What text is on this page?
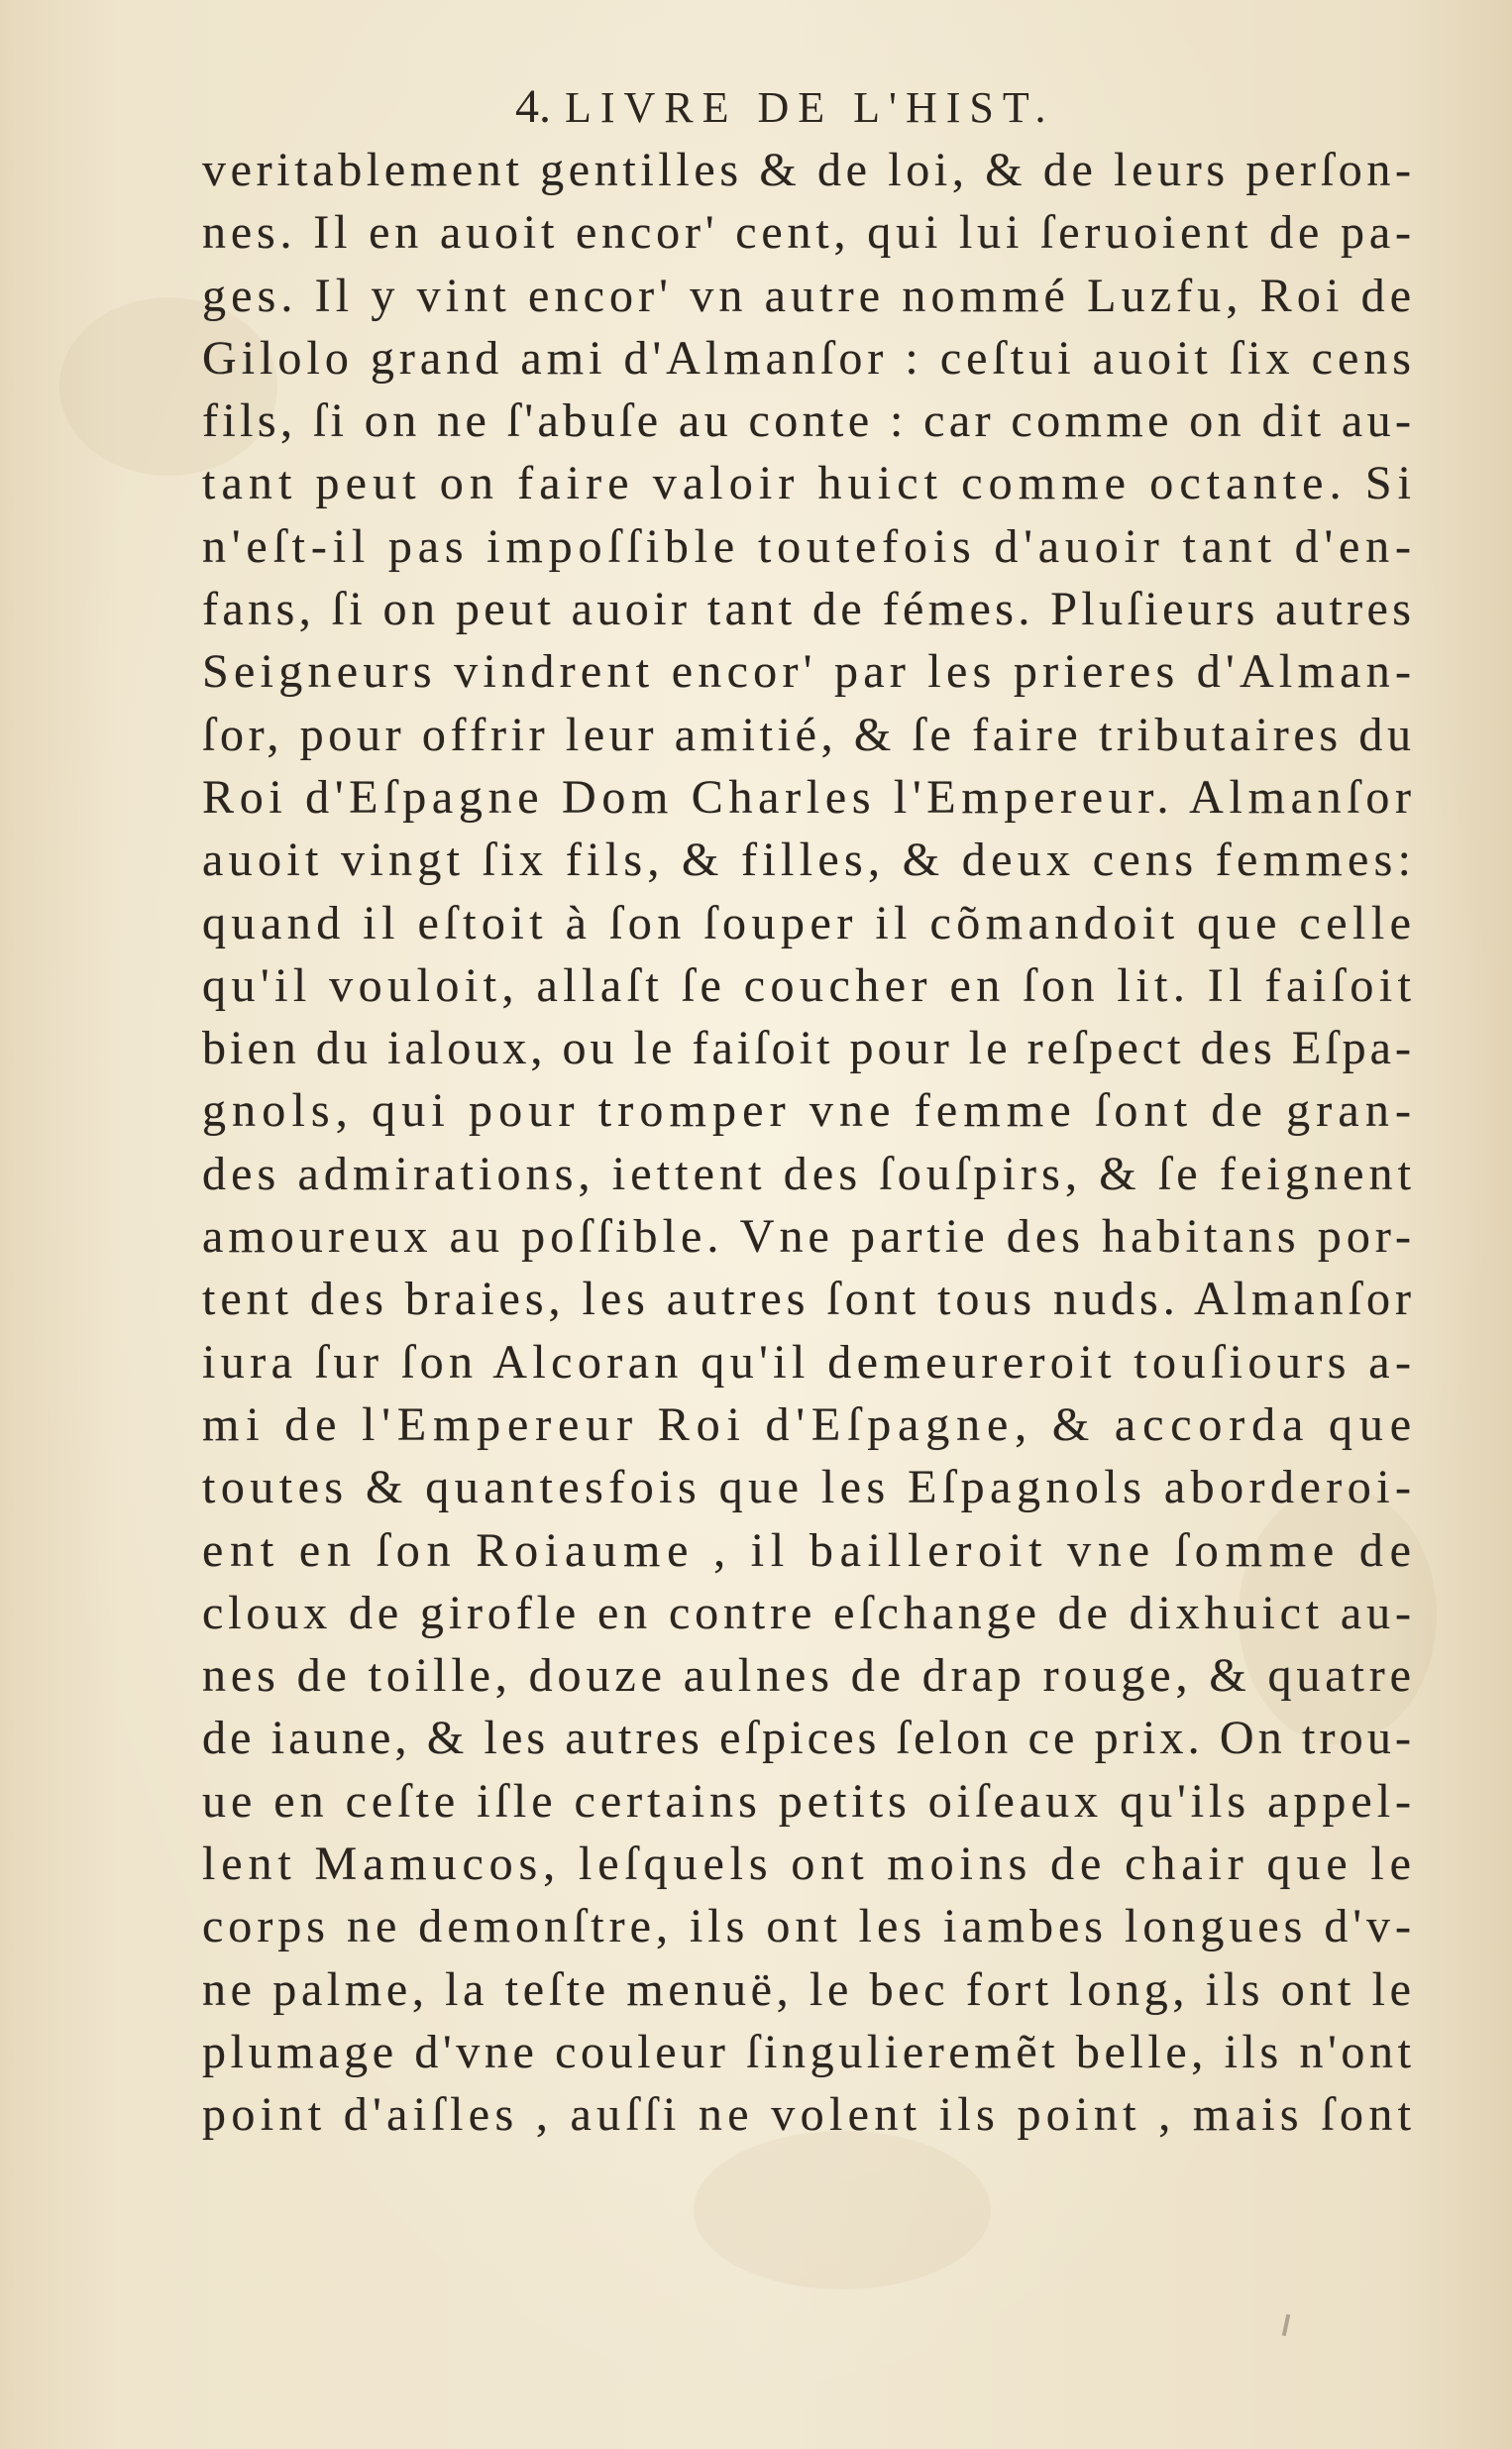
4. LIVRE DE L'HIST.
veritablement gentilles & de loi, & de leurs perſon-
nes. Il en auoit encor' cent, qui lui ſeruoient de pa-
ges. Il y vint encor' vn autre nommé Luzfu, Roi de
Gilolo grand ami d'Almanſor : ceſtui auoit ſix cens
fils, ſi on ne ſ'abuſe au conte : car comme on dit au-
tant peut on faire valoir huict comme octante. Si
n'eſt-il pas impoſſible toutefois d'auoir tant d'en-
fans, ſi on peut auoir tant de fémes. Pluſieurs autres
Seigneurs vindrent encor' par les prieres d'Alman-
ſor, pour offrir leur amitié, & ſe faire tributaires du
Roi d'Eſpagne Dom Charles l'Empereur. Almanſor
auoit vingt ſix fils, & filles, & deux cens femmes:
quand il eſtoit à ſon ſouper il cõmandoit que celle
qu'il vouloit, allaſt ſe coucher en ſon lit. Il faiſoit
bien du ialoux, ou le faiſoit pour le reſpect des Eſpa-
gnols, qui pour tromper vne femme ſont de gran-
des admirations, iettent des ſouſpirs, & ſe feignent
amoureux au poſſible. Vne partie des habitans por-
tent des braies, les autres ſont tous nuds. Almanſor
iura ſur ſon Alcoran qu'il demeureroit touſiours a-
mi de l'Empereur Roi d'Eſpagne, & accorda que
toutes & quantesfois que les Eſpagnols aborderoi-
ent en ſon Roiaume , il bailleroit vne ſomme de
cloux de girofle en contre eſchange de dixhuict au-
nes de toille, douze aulnes de drap rouge, & quatre
de iaune, & les autres eſpices ſelon ce prix. On trou-
ue en ceſte iſle certains petits oiſeaux qu'ils appel-
lent Mamucos, leſquels ont moins de chair que le
corps ne demonſtre, ils ont les iambes longues d'v-
ne palme, la teſte menuë, le bec fort long, ils ont le
plumage d'vne couleur ſingulieremẽt belle, ils n'ont
point d'aiſles , auſſi ne volent ils point , mais ſont
